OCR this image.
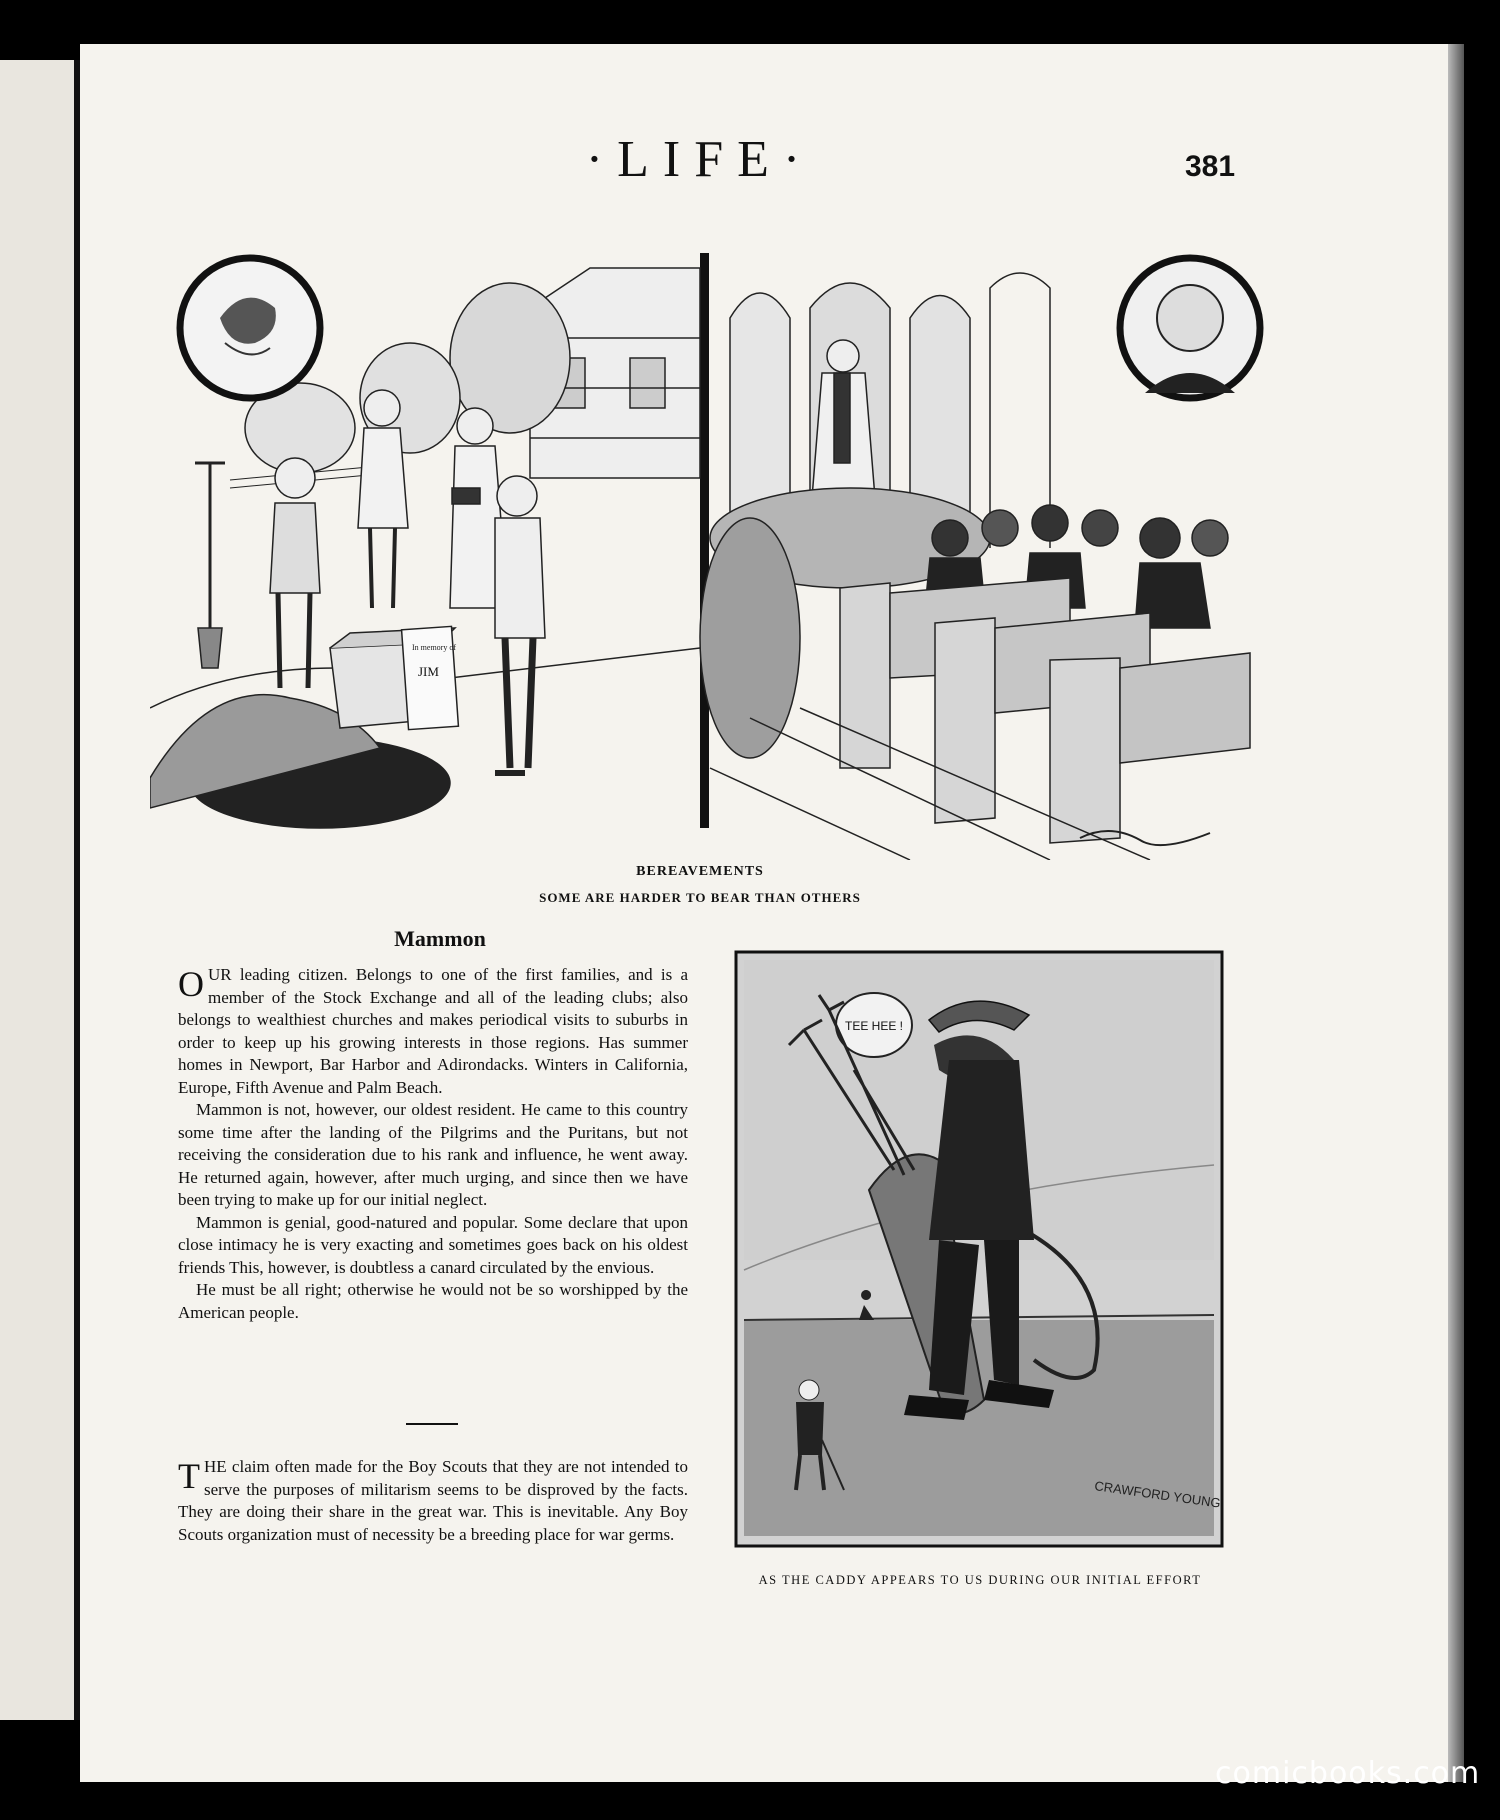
·LIFE·	381
In memory of
JIM
BEREAVEMENTS
SOME ARE HARDER TO BEAR THAN OTHERS
Mammon

OUR leading citizen. Belongs to one of the first families, and is a member of the Stock Exchange and all of the leading clubs; also belongs to wealthiest churches and makes periodical visits to suburbs in order to keep up his growing interests in those regions. Has summer homes in Newport, Bar Harbor and Adirondacks. Winters in California, Europe, Fifth Avenue and Palm Beach.

Mammon is not, however, our oldest resident. He came to this country some time after the landing of the Pilgrims and the Puritans, but not receiving the consideration due to his rank and influence, he went away. He returned again, however, after much urging, and since then we have been trying to make up for our initial neglect.

Mammon is genial, good-natured and popular. Some declare that upon close intimacy he is very exacting and sometimes goes back on his oldest friends This, however, is doubtless a canard circulated by the envious.

He must be all right; otherwise he would not be so worshipped by the American people.

THE claim often made for the Boy Scouts that they are not intended to serve the purposes of militarism seems to be disproved by the facts. They are doing their share in the great war. This is inevitable. Any Boy Scouts organization must of necessity be a breeding place for war germs.

TEE HEE !
CRAWFORD YOUNG
AS THE CADDY APPEARS TO US DURING OUR INITIAL EFFORT
comicbooks.com
